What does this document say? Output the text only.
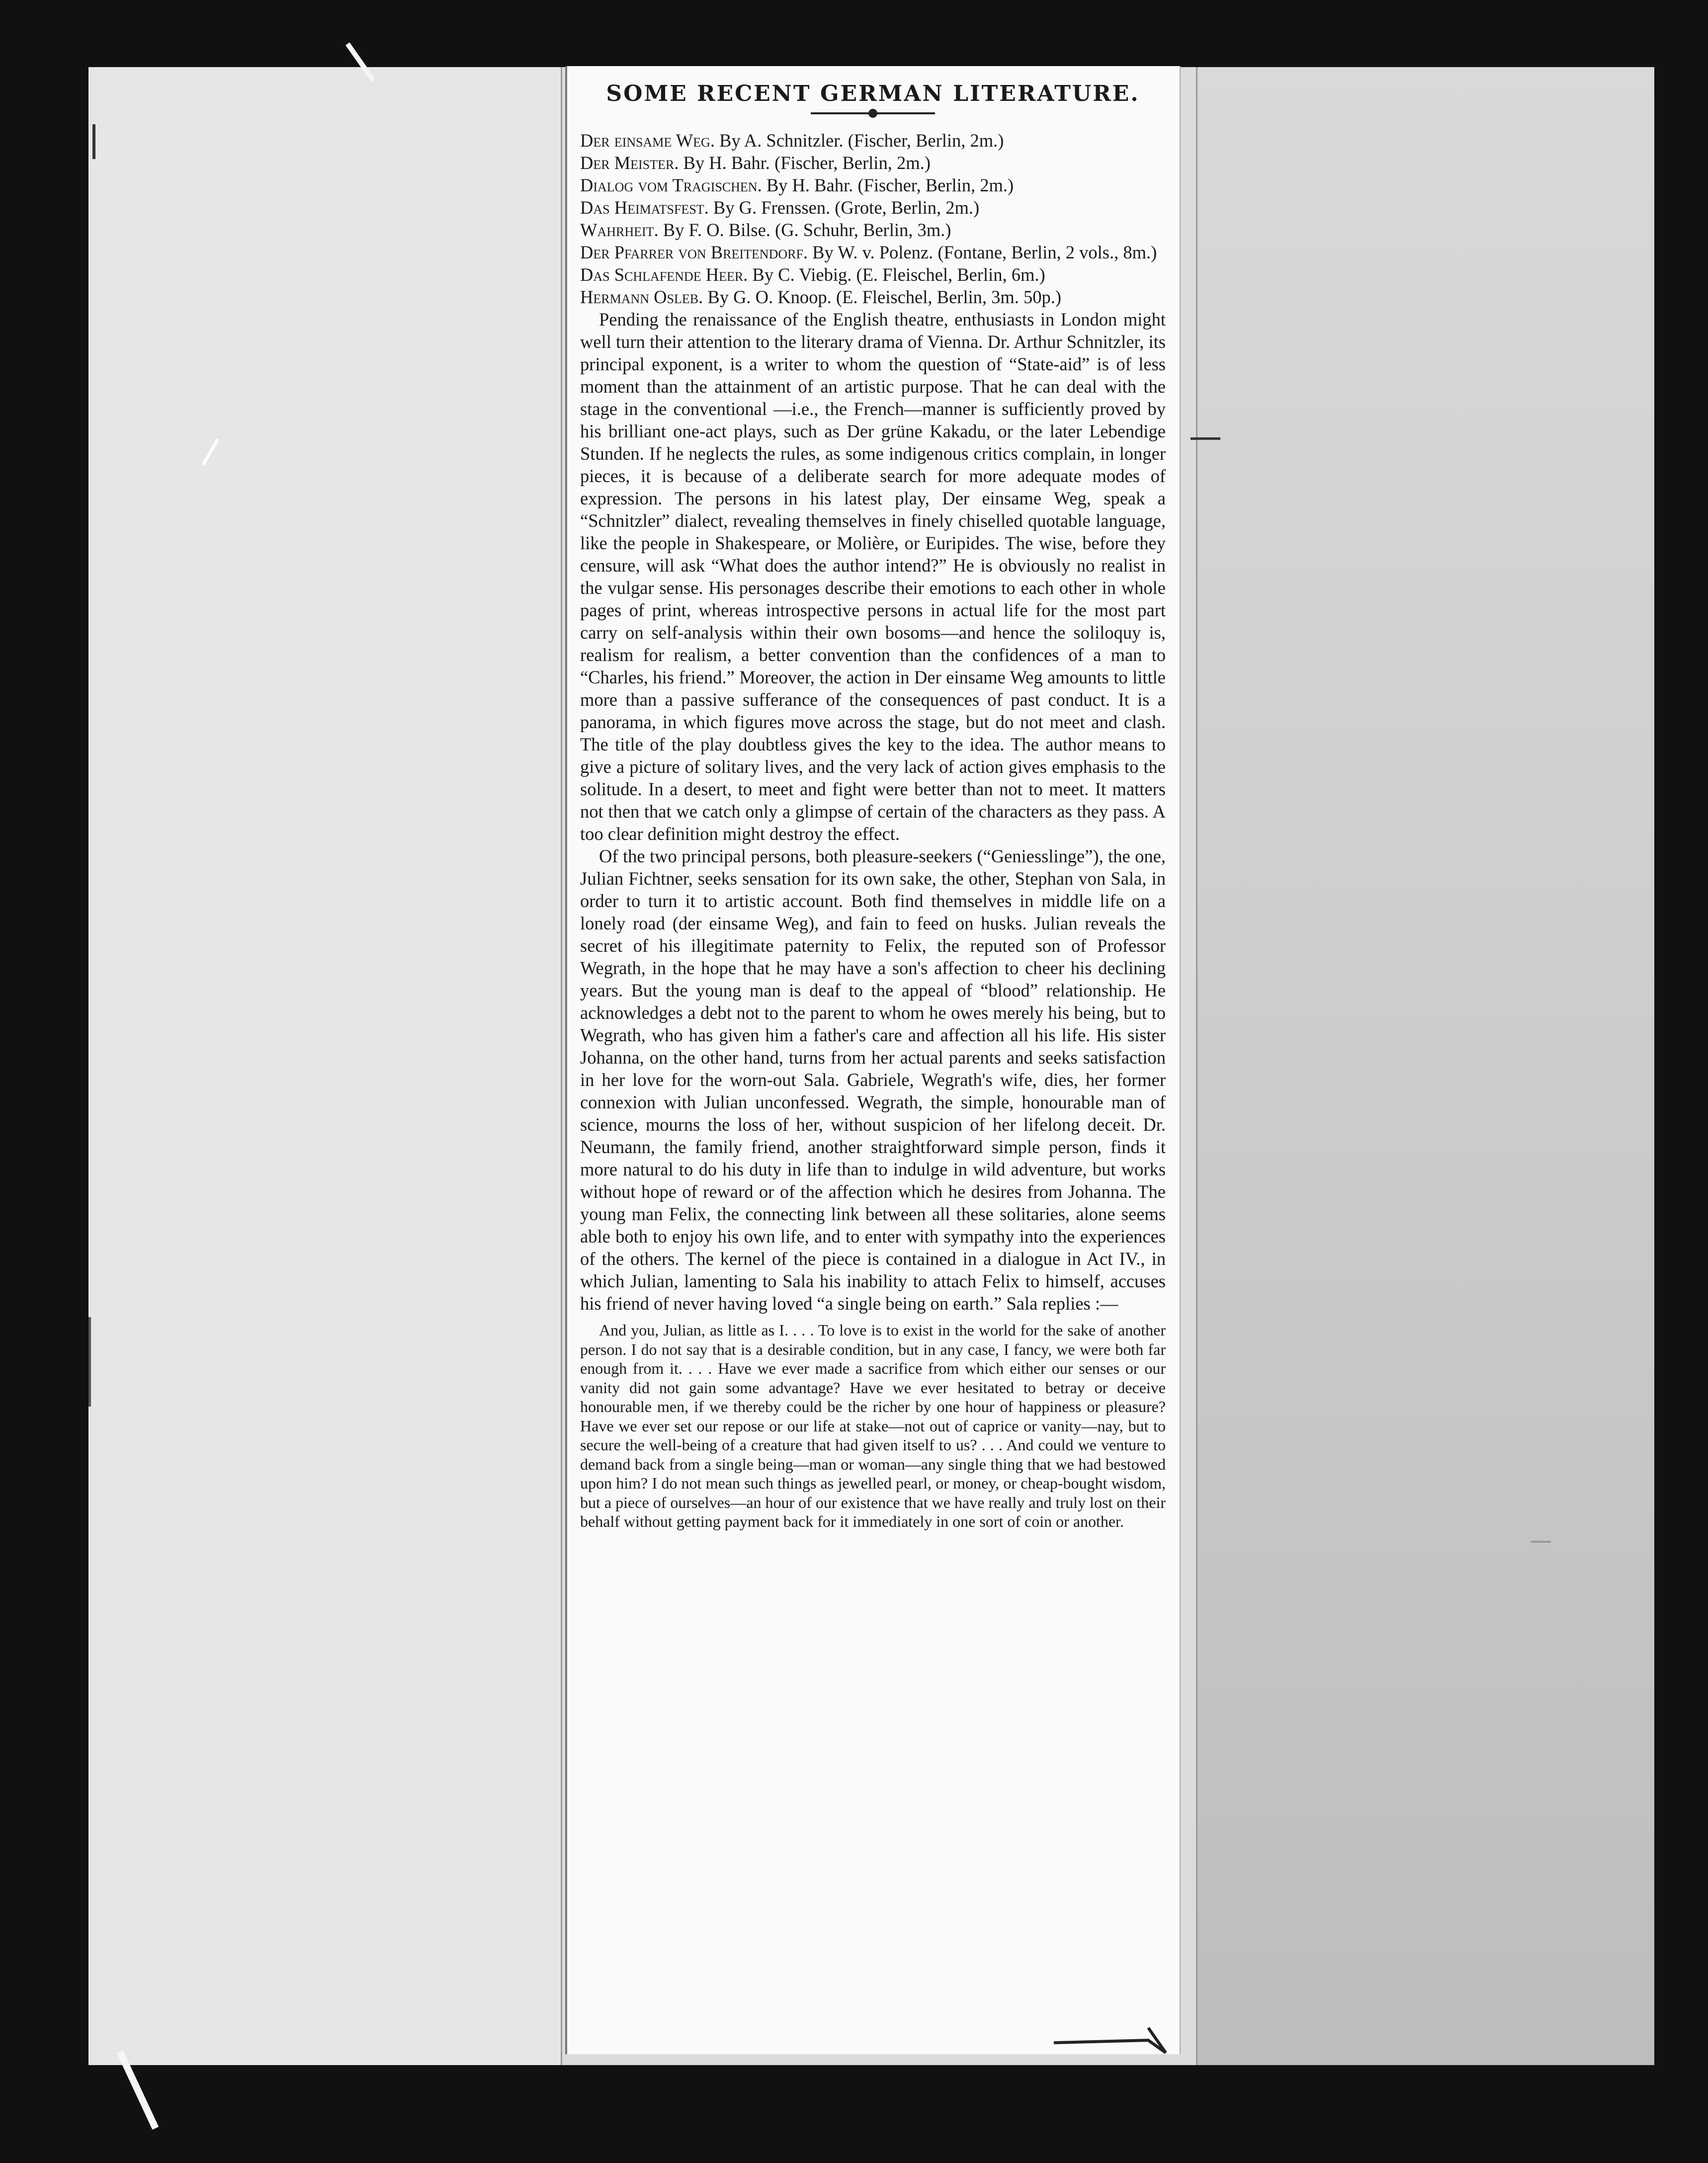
SOME RECENT GERMAN LITERATURE.
Der einsame Weg. By A. Schnitzler. (Fischer, Berlin, 2m.)
Der Meister. By H. Bahr. (Fischer, Berlin, 2m.)
Dialog vom Tragischen. By H. Bahr. (Fischer, Berlin, 2m.)
Das Heimatsfest. By G. Frenssen. (Grote, Berlin, 2m.)
Wahrheit. By F. O. Bilse. (G. Schuhr, Berlin, 3m.)
Der Pfarrer von Breitendorf. By W. v. Polenz. (Fontane, Berlin, 2 vols., 8m.)
Das Schlafende Heer. By C. Viebig. (E. Fleischel, Berlin, 6m.)
Hermann Osleb. By G. O. Knoop. (E. Fleischel, Berlin, 3m. 50p.)

Pending the renaissance of the English theatre, enthusiasts in London might well turn their attention to the literary drama of Vienna. Dr. Arthur Schnitzler, its principal exponent, is a writer to whom the question of “State-aid” is of less moment than the attainment of an artistic purpose. That he can deal with the stage in the conventional —i.e., the French—manner is sufficiently proved by his brilliant one-act plays, such as Der grüne Kakadu, or the later Lebendige Stunden. If he neglects the rules, as some indigenous critics complain, in longer pieces, it is because of a deliberate search for more adequate modes of expression. The persons in his latest play, Der einsame Weg, speak a “Schnitzler” dialect, revealing themselves in finely chiselled quotable language, like the people in Shakespeare, or Molière, or Euripides. The wise, before they censure, will ask “What does the author intend?” He is obviously no realist in the vulgar sense. His personages describe their emotions to each other in whole pages of print, whereas introspective persons in actual life for the most part carry on self-analysis within their own bosoms—and hence the soliloquy is, realism for realism, a better convention than the confidences of a man to “Charles, his friend.” Moreover, the action in Der einsame Weg amounts to little more than a passive sufferance of the consequences of past conduct. It is a panorama, in which figures move across the stage, but do not meet and clash. The title of the play doubtless gives the key to the idea. The author means to give a picture of solitary lives, and the very lack of action gives emphasis to the solitude. In a desert, to meet and fight were better than not to meet. It matters not then that we catch only a glimpse of certain of the characters as they pass. A too clear definition might destroy the effect.

Of the two principal persons, both pleasure-seekers (“Geniesslinge”), the one, Julian Fichtner, seeks sensation for its own sake, the other, Stephan von Sala, in order to turn it to artistic account. Both find themselves in middle life on a lonely road (der einsame Weg), and fain to feed on husks. Julian reveals the secret of his illegitimate paternity to Felix, the reputed son of Professor Wegrath, in the hope that he may have a son's affection to cheer his declining years. But the young man is deaf to the appeal of “blood” relationship. He acknowledges a debt not to the parent to whom he owes merely his being, but to Wegrath, who has given him a father's care and affection all his life. His sister Johanna, on the other hand, turns from her actual parents and seeks satisfaction in her love for the worn-out Sala. Gabriele, Wegrath's wife, dies, her former connexion with Julian unconfessed. Wegrath, the simple, honourable man of science, mourns the loss of her, without suspicion of her lifelong deceit. Dr. Neumann, the family friend, another straightforward simple person, finds it more natural to do his duty in life than to indulge in wild adventure, but works without hope of reward or of the affection which he desires from Johanna. The young man Felix, the connecting link between all these solitaries, alone seems able both to enjoy his own life, and to enter with sympathy into the experiences of the others. The kernel of the piece is contained in a dialogue in Act IV., in which Julian, lamenting to Sala his inability to attach Felix to himself, accuses his friend of never having loved “a single being on earth.” Sala replies :—

And you, Julian, as little as I. . . . To love is to exist in the world for the sake of another person. I do not say that is a desirable condition, but in any case, I fancy, we were both far enough from it. . . . Have we ever made a sacrifice from which either our senses or our vanity did not gain some advantage? Have we ever hesitated to betray or deceive honourable men, if we thereby could be the richer by one hour of happiness or pleasure? Have we ever set our repose or our life at stake—not out of caprice or vanity—nay, but to secure the well-being of a creature that had given itself to us? . . . And could we venture to demand back from a single being—man or woman—any single thing that we had bestowed upon him? I do not mean such things as jewelled pearl, or money, or cheap-bought wisdom, but a piece of ourselves—an hour of our existence that we have really and truly lost on their behalf without getting payment back for it immediately in one sort of coin or another.
